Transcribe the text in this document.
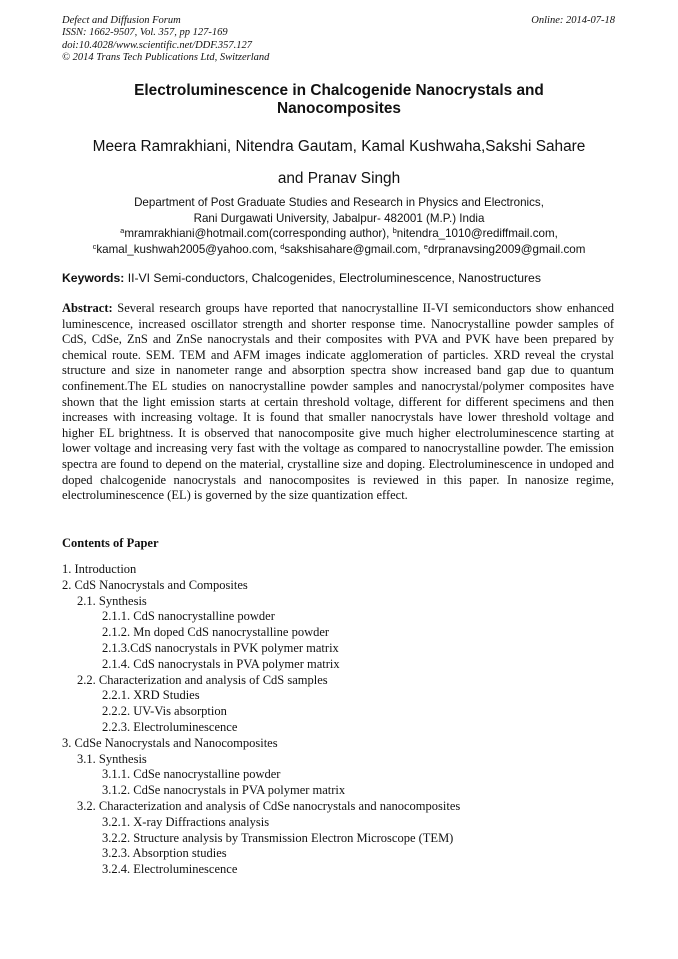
Defect and Diffusion Forum
ISSN: 1662-9507, Vol. 357, pp 127-169
doi:10.4028/www.scientific.net/DDF.357.127
© 2014 Trans Tech Publications Ltd, Switzerland
Online: 2014-07-18
Electroluminescence in Chalcogenide Nanocrystals and
Nanocomposites
Meera Ramrakhiani, Nitendra Gautam, Kamal Kushwaha,Sakshi Sahare
and Pranav Singh
Department of Post Graduate Studies and Research in Physics and Electronics,
Rani Durgawati University, Jabalpur- 482001 (M.P.) India
$^a$mramrakhiani@hotmail.com(corresponding author), $^b$nitendra_1010@rediffmail.com,
$^c$kamal_kushwah2005@yahoo.com, $^d$sakshisahare@gmail.com, $^e$drpranavsing2009@gmail.com
Keywords: II-VI Semi-conductors, Chalcogenides, Electroluminescence, Nanostructures
Abstract: Several research groups have reported that nanocrystalline II-VI semiconductors show enhanced luminescence, increased oscillator strength and shorter response time. Nanocrystalline powder samples of CdS, CdSe, ZnS and ZnSe nanocrystals and their composites with PVA and PVK have been prepared by chemical route. SEM. TEM and AFM images indicate agglomeration of particles. XRD reveal the crystal structure and size in nanometer range and absorption spectra show increased band gap due to quantum confinement.The EL studies on nanocrystalline powder samples and nanocrystal/polymer composites have shown that the light emission starts at certain threshold voltage, different for different specimens and then increases with increasing voltage. It is found that smaller nanocrystals have lower threshold voltage and higher EL brightness. It is observed that nanocomposite give much higher electroluminescence starting at lower voltage and increasing very fast with the voltage as compared to nanocrystalline powder. The emission spectra are found to depend on the material, crystalline size and doping. Electroluminescence in undoped and doped chalcogenide nanocrystals and nanocomposites is reviewed in this paper. In nanosize regime, electroluminescence (EL) is governed by the size quantization effect.
Contents of Paper
1. Introduction
2. CdS Nanocrystals and Composites
2.1. Synthesis
2.1.1. CdS nanocrystalline powder
2.1.2. Mn doped CdS nanocrystalline powder
2.1.3.CdS nanocrystals in PVK polymer matrix
2.1.4. CdS nanocrystals in PVA polymer matrix
2.2. Characterization and analysis of CdS samples
2.2.1. XRD Studies
2.2.2. UV-Vis absorption
2.2.3. Electroluminescence
3. CdSe Nanocrystals and Nanocomposites
3.1. Synthesis
3.1.1. CdSe nanocrystalline powder
3.1.2. CdSe nanocrystals in PVA polymer matrix
3.2. Characterization and analysis of CdSe nanocrystals and nanocomposites
3.2.1. X-ray Diffractions analysis
3.2.2. Structure analysis by Transmission Electron Microscope (TEM)
3.2.3. Absorption studies
3.2.4. Electroluminescence
